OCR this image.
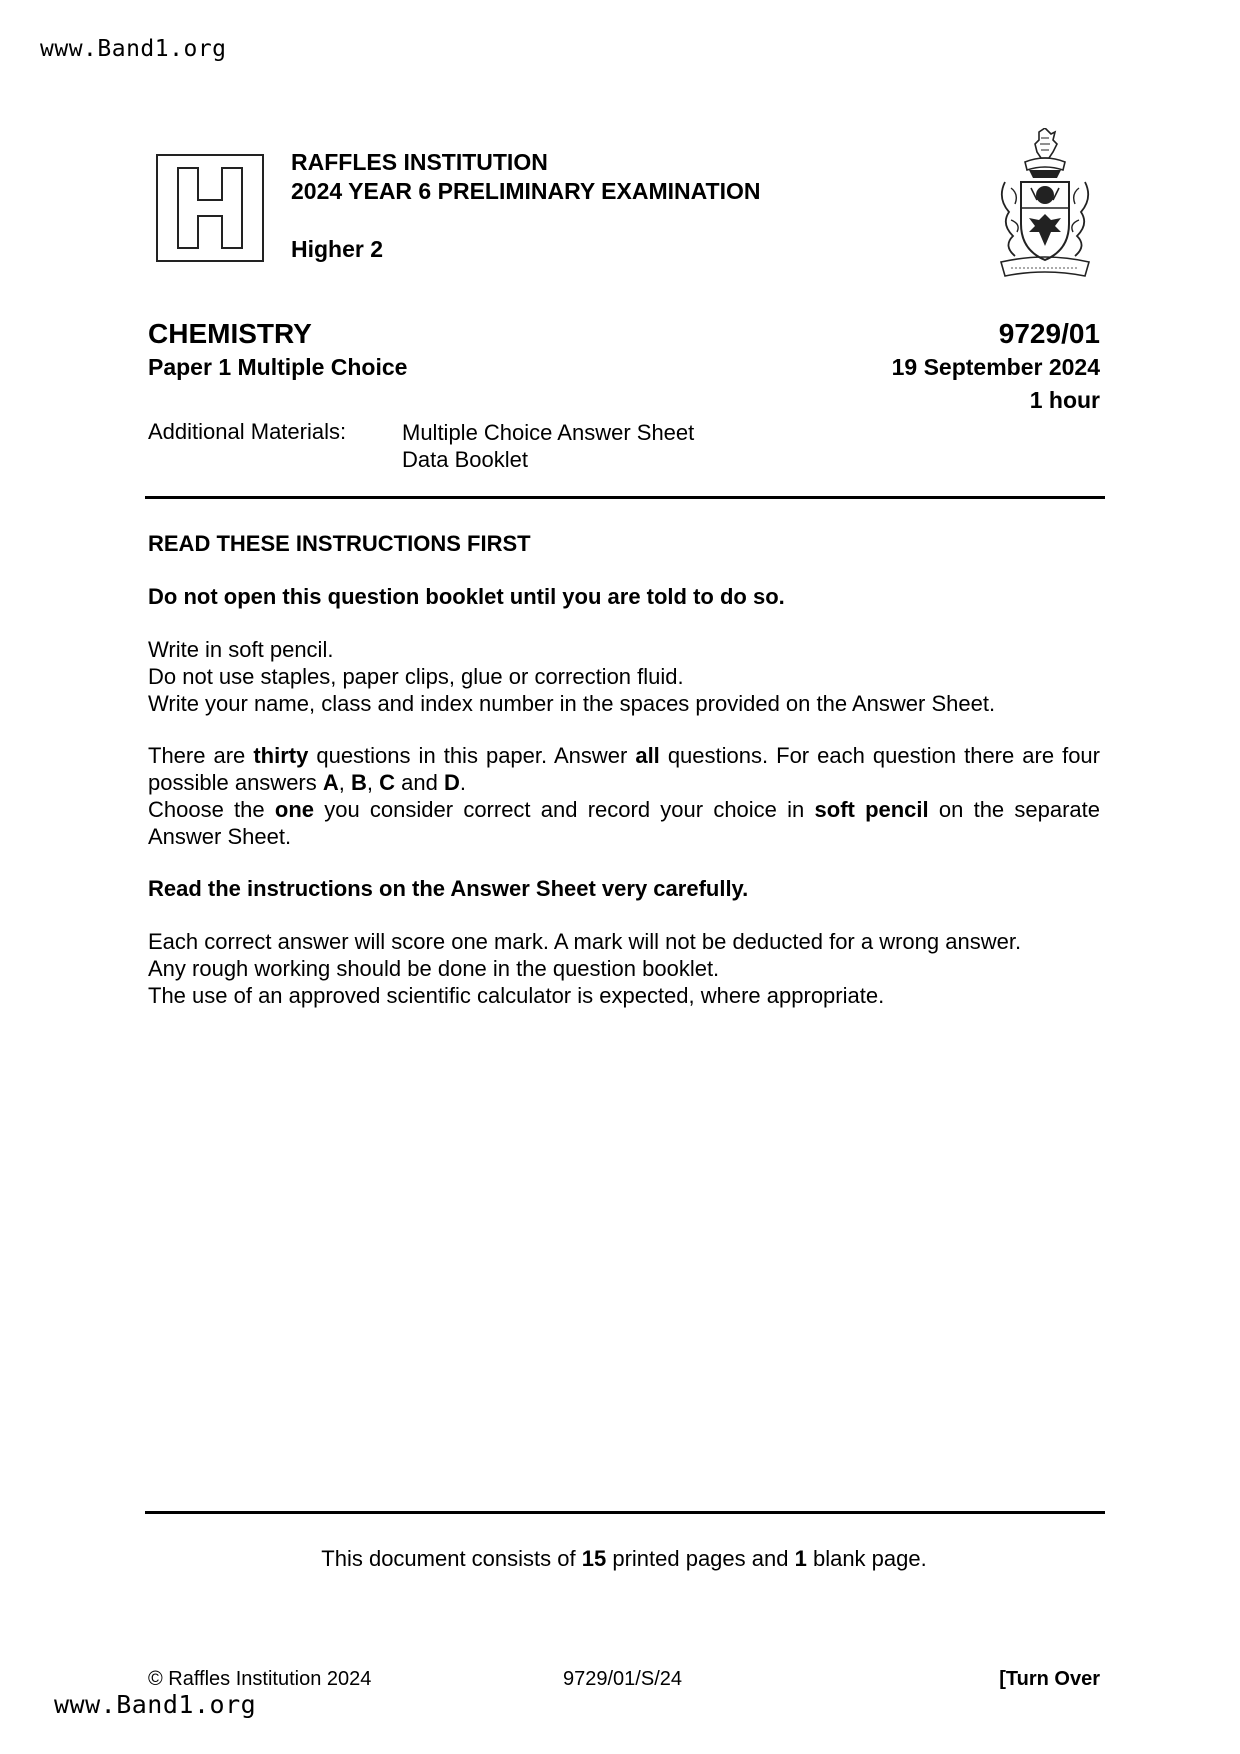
www.Band1.org
RAFFLES INSTITUTION
2024 YEAR 6 PRELIMINARY EXAMINATION
Higher 2
CHEMISTRY
Paper 1 Multiple Choice
9729/01
19 September 2024
1 hour
Additional Materials:	Multiple Choice Answer Sheet
Data Booklet
READ THESE INSTRUCTIONS FIRST
Do not open this question booklet until you are told to do so.
Write in soft pencil.
Do not use staples, paper clips, glue or correction fluid.
Write your name, class and index number in the spaces provided on the Answer Sheet.
There are thirty questions in this paper. Answer all questions. For each question there are four possible answers A, B, C and D.
Choose the one you consider correct and record your choice in soft pencil on the separate Answer Sheet.
Read the instructions on the Answer Sheet very carefully.
Each correct answer will score one mark. A mark will not be deducted for a wrong answer.
Any rough working should be done in the question booklet.
The use of an approved scientific calculator is expected, where appropriate.
This document consists of 15 printed pages and 1 blank page.
© Raffles Institution 2024	9729/01/S/24	[Turn Over
www.Band1.org
